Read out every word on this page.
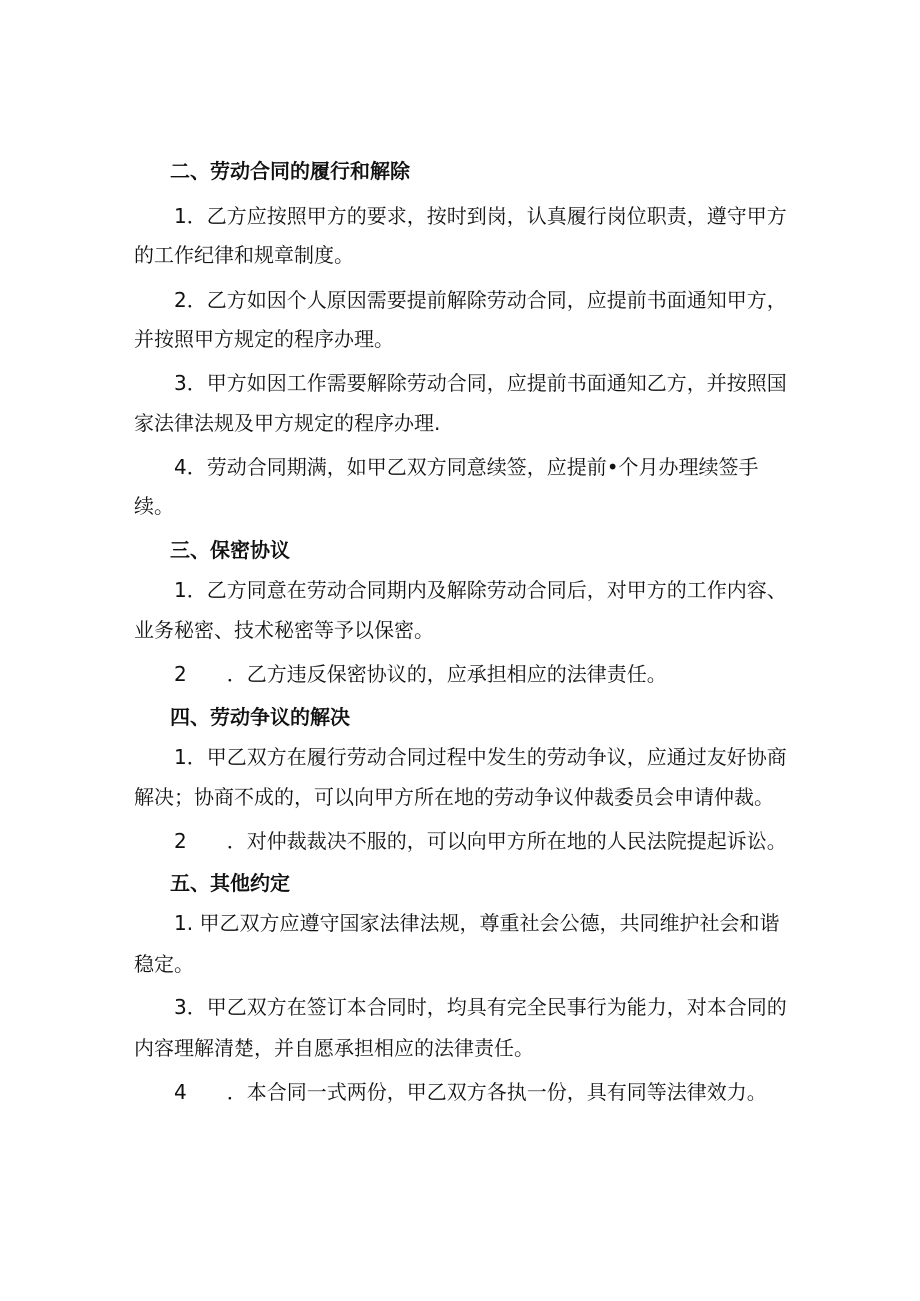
二、劳动合同的履行和解除
1．乙方应按照甲方的要求，按时到岗，认真履行岗位职责，遵守甲方
的工作纪律和规章制度。
2．乙方如因个人原因需要提前解除劳动合同，应提前书面通知甲方，
并按照甲方规定的程序办理。
3．甲方如因工作需要解除劳动合同，应提前书面通知乙方，并按照国
家法律法规及甲方规定的程序办理.
4．劳动合同期满，如甲乙双方同意续签，应提前•个月办理续签手
续。
三、保密协议
1．乙方同意在劳动合同期内及解除劳动合同后，对甲方的工作内容、
业务秘密、技术秘密等予以保密。
2　　．乙方违反保密协议的，应承担相应的法律责任。
四、劳动争议的解决
1．甲乙双方在履行劳动合同过程中发生的劳动争议，应通过友好协商
解决；协商不成的，可以向甲方所在地的劳动争议仲裁委员会申请仲裁。
2　　．对仲裁裁决不服的，可以向甲方所在地的人民法院提起诉讼。
五、其他约定
1. 甲乙双方应遵守国家法律法规，尊重社会公德，共同维护社会和谐
稳定。
3．甲乙双方在签订本合同时，均具有完全民事行为能力，对本合同的
内容理解清楚，并自愿承担相应的法律责任。
4　　．本合同一式两份，甲乙双方各执一份，具有同等法律效力。
